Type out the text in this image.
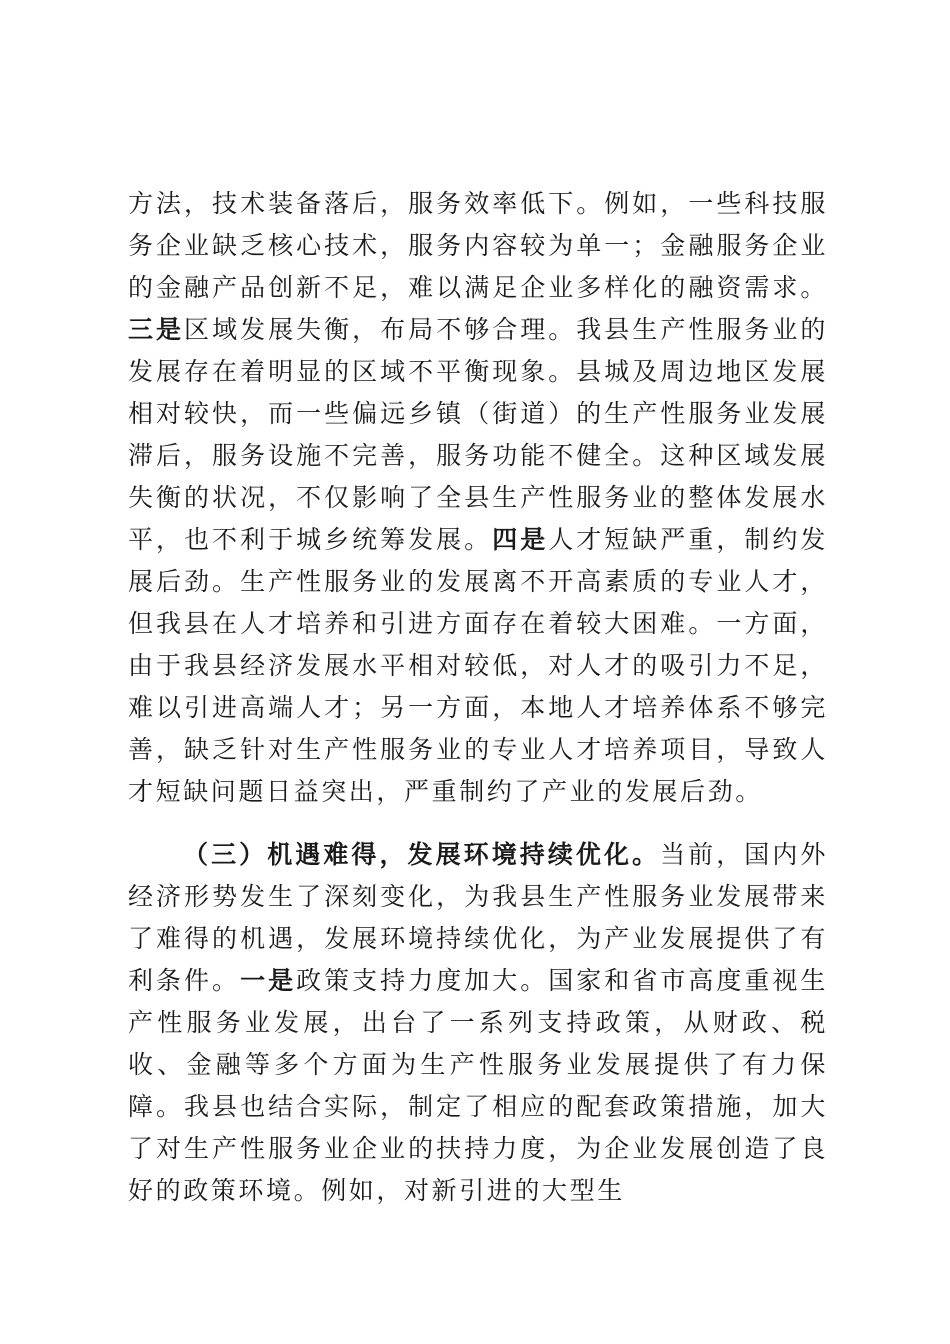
方法，技术装备落后，服务效率低下。例如，一些科技服务企业缺乏核心技术，服务内容较为单一；金融服务企业的金融产品创新不足，难以满足企业多样化的融资需求。三是区域发展失衡，布局不够合理。我县生产性服务业的发展存在着明显的区域不平衡现象。县城及周边地区发展相对较快，而一些偏远乡镇（街道）的生产性服务业发展滞后，服务设施不完善，服务功能不健全。这种区域发展失衡的状况，不仅影响了全县生产性服务业的整体发展水平，也不利于城乡统筹发展。四是人才短缺严重，制约发展后劲。生产性服务业的发展离不开高素质的专业人才，但我县在人才培养和引进方面存在着较大困难。一方面，由于我县经济发展水平相对较低，对人才的吸引力不足，难以引进高端人才；另一方面，本地人才培养体系不够完善，缺乏针对生产性服务业的专业人才培养项目，导致人才短缺问题日益突出，严重制约了产业的发展后劲。

（三）机遇难得，发展环境持续优化。当前，国内外经济形势发生了深刻变化，为我县生产性服务业发展带来了难得的机遇，发展环境持续优化，为产业发展提供了有利条件。一是政策支持力度加大。国家和省市高度重视生产性服务业发展，出台了一系列支持政策，从财政、税收、金融等多个方面为生产性服务业发展提供了有力保障。我县也结合实际，制定了相应的配套政策措施，加大了对生产性服务业企业的扶持力度，为企业发展创造了良好的政策环境。例如，对新引进的大型生
